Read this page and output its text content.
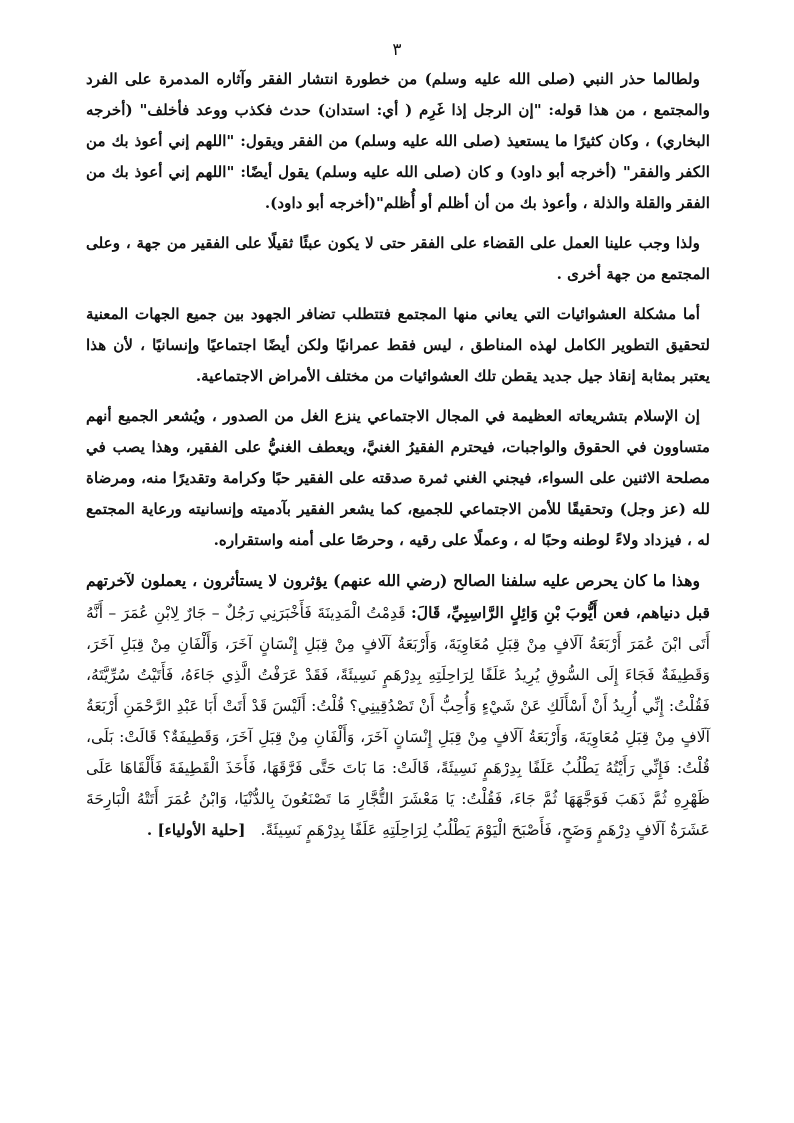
٣

ولطالما حذر النبي (صلى الله عليه وسلم) من خطورة انتشار الفقر وآثاره المدمرة على الفرد والمجتمع ، من هذا قوله: "إن الرجل إذا غَرِم ( أي: استدان) حدث فكذب ووعد فأخلف" (أخرجه البخاري) ، وكان كثيرًا ما يستعيذ (صلى الله عليه وسلم) من الفقر ويقول: "اللهم إني أعوذ بك من الكفر والفقر" (أخرجه أبو داود) و كان (صلى الله عليه وسلم) يقول أيضًا: "اللهم إني أعوذ بك من الفقر والقلة والذلة ، وأعوذ بك من أن أظلم أو أُظلم"(أخرجه أبو داود).

ولذا وجب علينا العمل على القضاء على الفقر حتى لا يكون عبئًا ثقيلًا على الفقير من جهة ، وعلى المجتمع من جهة أخرى .

أما مشكلة العشوائيات التي يعاني منها المجتمع فتتطلب تضافر الجهود بين جميع الجهات المعنية لتحقيق التطوير الكامل لهذه المناطق ، ليس فقط عمرانيًا ولكن أيضًا اجتماعيًا وإنسانيًا ، لأن هذا يعتبر بمثابة إنقاذ جيل جديد يقطن تلك العشوائيات من مختلف الأمراض الاجتماعية.

إن الإسلام بتشريعاته العظيمة في المجال الاجتماعي ينزع الغل من الصدور ، ويُشعر الجميع أنهم متساوون في الحقوق والواجبات، فيحترم الفقيرُ الغنيَّ، ويعطف الغنيُّ على الفقير، وهذا يصب في مصلحة الاثنين على السواء، فيجني الغني ثمرة صدقته على الفقير حبًا وكرامة وتقديرًا منه، ومرضاة لله (عز وجل) وتحقيقًا للأمن الاجتماعي للجميع، كما يشعر الفقير بآدميته وإنسانيته ورعاية المجتمع له ، فيزداد ولاءً لوطنه وحبًا له ، وعملًا على رقيه ، وحرصًا على أمنه واستقراره.

وهذا ما كان يحرص عليه سلفنا الصالح (رضي الله عنهم) يؤثرون لا يستأثرون ، يعملون لآخرتهم قبل دنياهم، فعن أَيُّوبَ بْنِ وَائِلٍ الرَّاسِبِيِّ، قَالَ: قَدِمْتُ الْمَدِينَةَ فَأَخْبَرَنِي رَجُلٌ – جَارٌ لِابْنِ عُمَرَ – أَنَّهُ أَتَى ابْنَ عُمَرَ أَرْبَعَةُ آلَافٍ مِنْ قِبَلِ مُعَاوِيَةَ، وَأَرْبَعَةُ آلَافٍ مِنْ قِبَلِ إِنْسَانٍ آخَرَ، وَأَلْفَانِ مِنْ قِبَلِ آخَرَ، وَقَطِيفَةٌ فَجَاءَ إِلَى السُّوقِ يُرِيدُ عَلَفًا لِرَاحِلَتِهِ بِدِرْهَمٍ نَسِيئَةً، فَقَدْ عَرَفْتُ الَّذِي جَاءَهُ، فَأَتَيْتُ سُرِّيَّتَهُ، فَقُلْتُ: إِنِّي أُرِيدُ أَنْ أَسْأَلَكِ عَنْ شَيْءٍ وَأُحِبُّ أَنْ تَصْدُقِينِي؟ قُلْتُ: أَلَيْسَ قَدْ أَتَتْ أَبَا عَبْدِ الرَّحْمَنِ أَرْبَعَةُ آلَافٍ مِنْ قِبَلِ مُعَاوِيَةَ، وَأَرْبَعَةُ آلَافٍ مِنْ قِبَلِ إِنْسَانٍ آخَرَ، وَأَلْفَانِ مِنْ قِبَلِ آخَرَ، وَقَطِيفَةٌ؟ قَالَتْ: بَلَى، قُلْتُ: فَإِنِّي رَأَيْتُهُ يَطْلُبُ عَلَفًا بِدِرْهَمٍ نَسِيئَةً، قَالَتْ: مَا بَاتَ حَتَّى فَرَّقَهَا، فَأَخَذَ الْقَطِيفَةَ فَأَلْقَاهَا عَلَى ظَهْرِهِ ثُمَّ ذَهَبَ فَوَجَّهَهَا ثُمَّ جَاءَ، فَقُلْتُ: يَا مَعْشَرَ التُّجَّارِ مَا تَصْنَعُونَ بِالدُّنْيَا، وَابْنُ عُمَرَ أَتَتْهُ الْبَارِحَةَ عَشَرَةُ آلَافٍ دِرْهَمٍ وَضَحٍ، فَأَصْبَحَ الْيَوْمَ يَطْلُبُ لِرَاحِلَتِهِ عَلَفًا بِدِرْهَمٍ نَسِيئَةً. [حلية الأولياء] .
